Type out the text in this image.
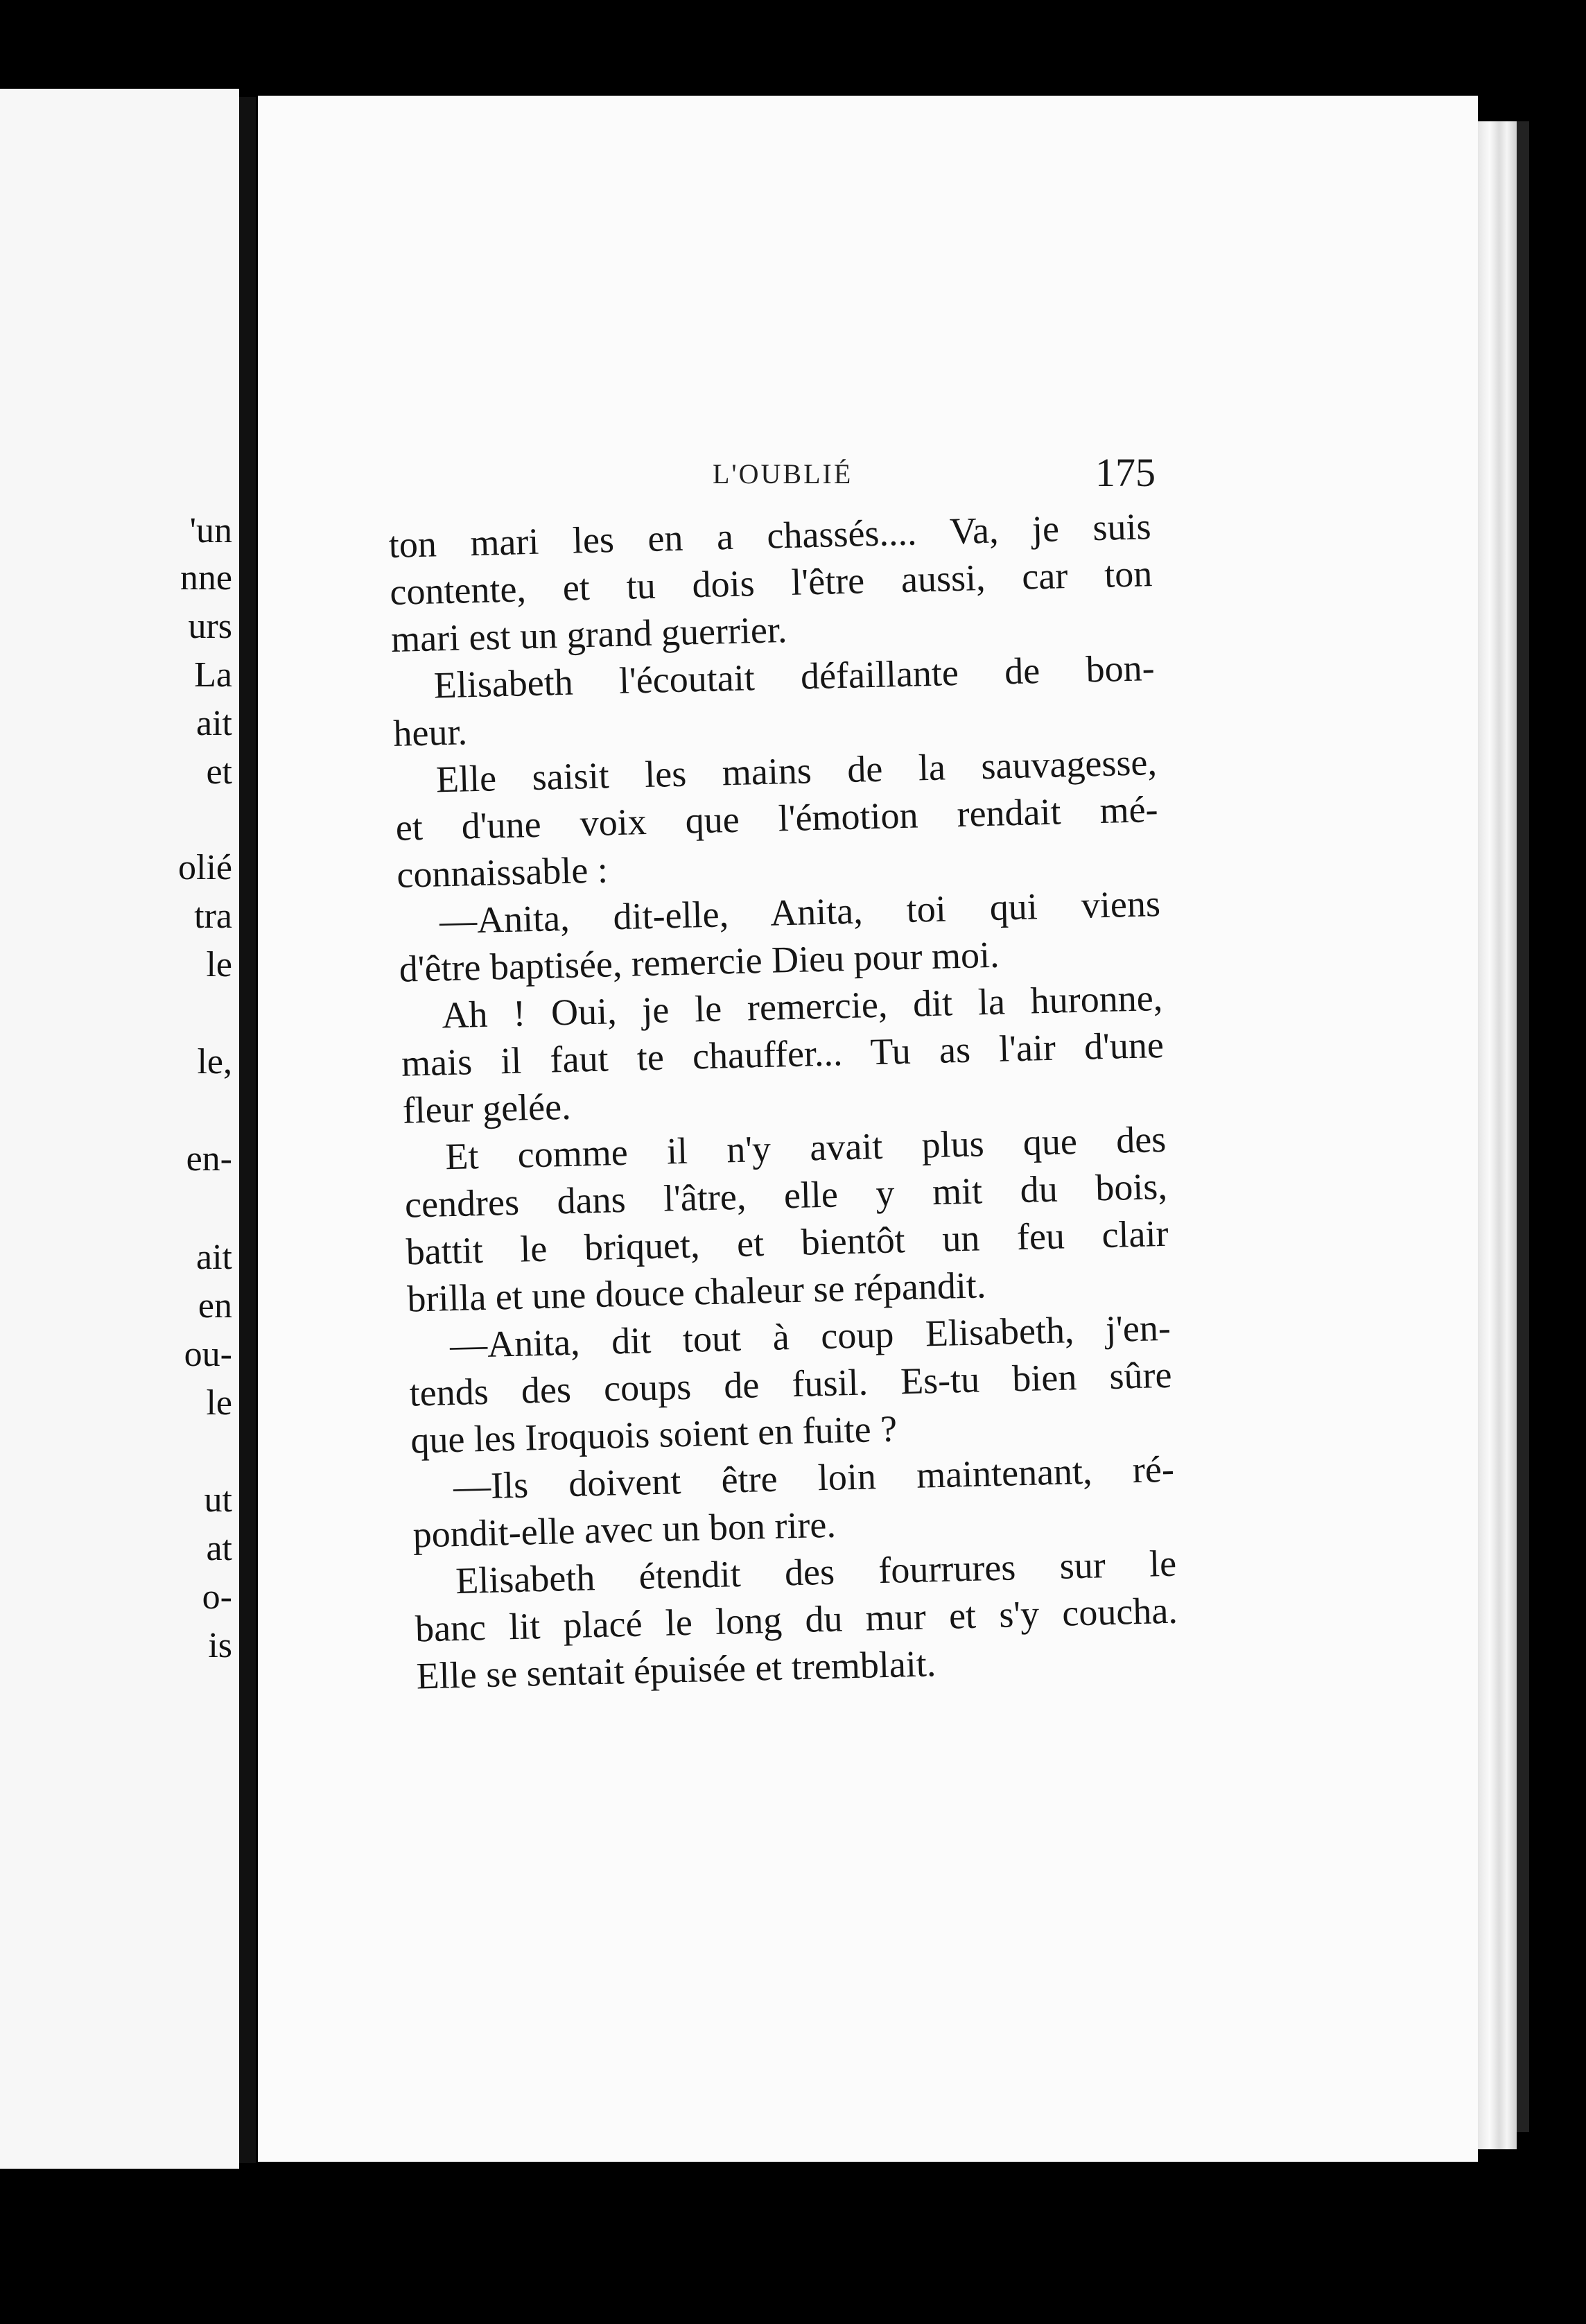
'un
nne
urs
La
ait
et
olié
tra
le
le,
en-
ait
en
ou-
le
ut
at
o-
is
L'OUBLIÉ	175
ton mari les en a chassés.... Va, je suis
contente, et tu dois l'être aussi, car ton
mari est un grand guerrier.
Elisabeth l'écoutait défaillante de bon-
heur.
Elle saisit les mains de la sauvagesse,
et d'une voix que l'émotion rendait mé-
connaissable :
—Anita, dit-elle, Anita, toi qui viens
d'être baptisée, remercie Dieu pour moi.
Ah ! Oui, je le remercie, dit la huronne,
mais il faut te chauffer... Tu as l'air d'une
fleur gelée.
Et comme il n'y avait plus que des
cendres dans l'âtre, elle y mit du bois,
battit le briquet, et bientôt un feu clair
brilla et une douce chaleur se répandit.
—Anita, dit tout à coup Elisabeth, j'en-
tends des coups de fusil. Es-tu bien sûre
que les Iroquois soient en fuite ?
—Ils doivent être loin maintenant, ré-
pondit-elle avec un bon rire.
Elisabeth étendit des fourrures sur le
banc lit placé le long du mur et s'y coucha.
Elle se sentait épuisée et tremblait.
